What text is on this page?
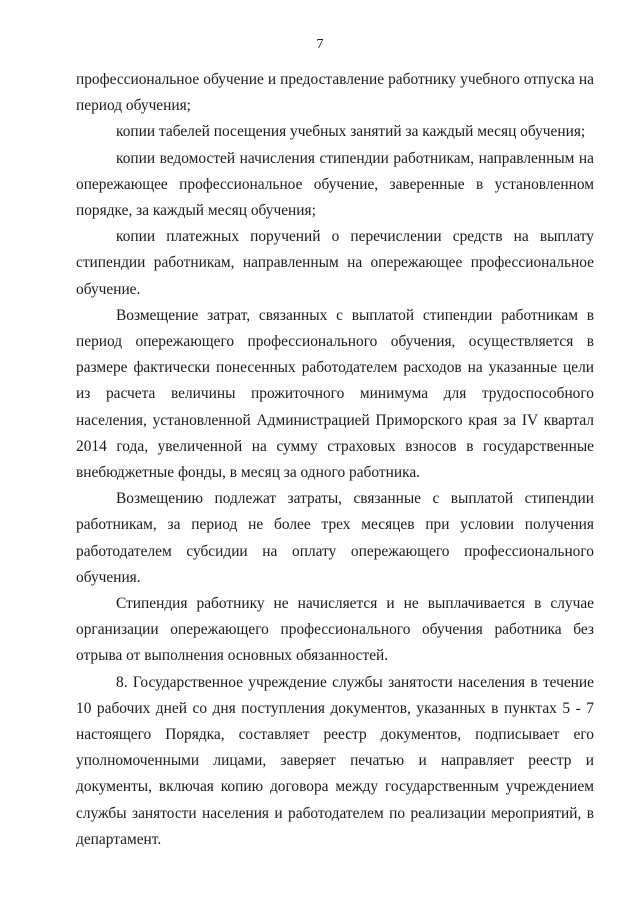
7

профессиональное обучение и предоставление работнику учебного отпуска на период обучения;

копии табелей посещения учебных занятий за каждый месяц обучения;

копии ведомостей начисления стипендии работникам, направленным на опережающее профессиональное обучение, заверенные в установленном порядке, за каждый месяц обучения;

копии платежных поручений о перечислении средств на выплату стипендии работникам, направленным на опережающее профессиональное обучение.

Возмещение затрат, связанных с выплатой стипендии работникам в период опережающего профессионального обучения, осуществляется в размере фактически понесенных работодателем расходов на указанные цели из расчета величины прожиточного минимума для трудоспособного населения, установленной Администрацией Приморского края за IV квартал 2014 года, увеличенной на сумму страховых взносов в государственные внебюджетные фонды, в месяц за одного работника.

Возмещению подлежат затраты, связанные с выплатой стипендии работникам, за период не более трех месяцев при условии получения работодателем субсидии на оплату опережающего профессионального обучения.

Стипендия работнику не начисляется и не выплачивается в случае организации опережающего профессионального обучения работника без отрыва от выполнения основных обязанностей.

8. Государственное учреждение службы занятости населения в течение 10 рабочих дней со дня поступления документов, указанных в пунктах 5 - 7 настоящего Порядка, составляет реестр документов, подписывает его уполномоченными лицами, заверяет печатью и направляет реестр и документы, включая копию договора между государственным учреждением службы занятости населения и работодателем по реализации мероприятий, в департамент.
